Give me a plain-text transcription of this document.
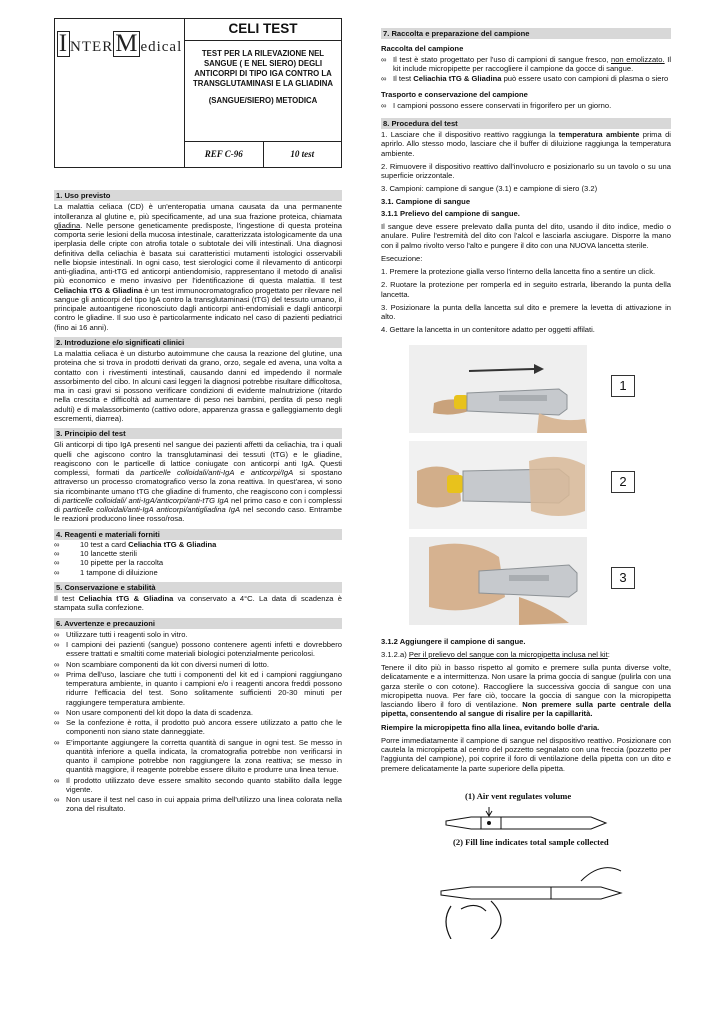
I NTERM edical
CELI TEST
TEST PER LA RILEVAZIONE NEL SANGUE ( E NEL SIERO) DEGLI ANTICORPI DI TIPO IGA CONTRO LA TRANSGLUTAMINASI E LA GLIADINA
(SANGUE/SIERO) METODICA
REF C-96	10 test
1. Uso previsto

La malattia celiaca (CD) è un'enteropatia umana causata da una permanente intolleranza al glutine e, più specificamente, ad una sua frazione proteica, chiamata gliadina. Nelle persone geneticamente predisposte, l'ingestione di questa proteina comporta serie lesioni della mucosa intestinale, caratterizzata istologicamente da una iperplasia delle cripte con atrofia totale o subtotale dei villi intestinali. Una diagnosi definitiva della celiachia è basata sui caratteristici mutamenti istologici osservabili nelle biopsie intestinali. In ogni caso, test sierologici come il rilevamento di anticorpi anti-gliadina, anti-tTG ed anticorpi antiendomisio, rappresentano il metodo di analisi più economico e meno invasivo per l'identificazione di questa malattia. Il test Celiachia tTG & Gliadina è un test immunocromatografico progettato per rilevare nel sangue gli anticorpi del tipo IgA contro la transglutaminasi (tTG) del tessuto umano, il principale autoantigene riconosciuto dagli anticorpi anti-endomisiali e dagli anticorpi contro le gliadine. Il suo uso è particolarmente indicato nel caso di pazienti pediatrici (fino ai 16 anni).

2. Introduzione e/o significati clinici

La malattia celiaca è un disturbo autoimmune che causa la reazione del glutine, una proteina che si trova in prodotti derivati da grano, orzo, segale ed avena, una volta a contatto con i rivestimenti intestinali, causando danni ed impedendo il normale assorbimento del cibo. In alcuni casi leggeri la diagnosi potrebbe risultare difficoltosa, ma in casi gravi si possono verificare condizioni di evidente malnutrizione (ritardo nella crescita e difficoltà ad aumentare di peso nei bambini, perdita di peso negli adulti) e di malassorbimento (cattivo odore, apparenza grassa e galleggiamento degli escrementi, diarrea).

3. Principio del test

Gli anticorpi di tipo IgA presenti nel sangue dei pazienti affetti da celiachia, tra i quali quelli che agiscono contro la transglutaminasi dei tessuti (tTG) e le gliadine, reagiscono con le particelle di lattice coniugate con anticorpi anti IgA. Questi complessi, formati da particelle colloidali/anti-IgA e anticorpi/IgA si spostano attraverso un processo cromatografico verso la zona reattiva. In quest'area, vi sono sia ricombinante umano tTG che gliadine di frumento, che reagiscono con i complessi di particelle colloidali/ anti-IgA/anticorpi/anti-tTG IgA nel primo caso e con i complessi di particelle colloidali/anti-IgA anticorpi/antigliadina IgA nel secondo caso. Entrambe le reazioni producono linee rosso/rosa.

4. Reagenti e materiali forniti
∞	10 test a card Celiachia tTG & Gliadina
∞	10 lancette sterili
∞	10 pipette per la raccolta
∞	1 tampone di diluizione
5. Conservazione e stabilità

Il test Celiachia tTG & Gliadina va conservato a 4°C. La data di scadenza è stampata sulla confezione.

6. Avvertenze e precauzioni
∞ Utilizzare tutti i reagenti solo in vitro.
∞ I campioni dei pazienti (sangue) possono contenere agenti infetti e dovrebbero essere trattati e smaltiti come materiali biologici potenzialmente pericolosi.
∞ Non scambiare componenti da kit con diversi numeri di lotto.
∞ Prima dell'uso, lasciare che tutti i componenti del kit ed i campioni raggiungano temperatura ambiente, in quanto i campioni e/o i reagenti ancora freddi possono ridurre l'efficacia del test. Sono solitamente sufficienti 20-30 minuti per raggiungere temperatura ambiente.
∞ Non usare componenti del kit dopo la data di scadenza.
∞ Se la confezione è rotta, il prodotto può ancora essere utilizzato a patto che le componenti non siano state danneggiate.
∞ E'importante aggiungere la corretta quantità di sangue in ogni test. Se messo in quantità inferiore a quella indicata, la cromatografia potrebbe non verificarsi in quanto il campione potrebbe non raggiungere la zona reattiva; se messo in quantità maggiore, il reagente potrebbe essere diluito e produrre una linea tenue.
∞ Il prodotto utilizzato deve essere smaltito secondo quanto stabilito dalla legge vigente.
∞ Non usare il test nel caso in cui appaia prima dell'utilizzo una linea colorata nella zona del risultato.
7. Raccolta e preparazione del campione
Raccolta del campione
∞ Il test è stato progettato per l'uso di campioni di sangue fresco, non emolizzato. Il kit include micropipette per raccogliere il campione da gocce di sangue.
∞ Il test Celiachia tTG & Gliadina può essere usato con campioni di plasma o siero
Trasporto e conservazione del campione
∞ I campioni possono essere conservati in frigorifero per un giorno.
8. Procedura del test

1. Lasciare che il dispositivo reattivo raggiunga la temperatura ambiente prima di aprirlo. Allo stesso modo, lasciare che il buffer di diluizione raggiunga la temperatura ambiente.

2. Rimuovere il dispositivo reattivo dall'involucro e posizionarlo su un tavolo o su una superficie orizzontale.

3. Campioni: campione di sangue (3.1) e campione di siero (3.2)

3.1. Campione di sangue
3.1.1 Prelievo del campione di sangue.

Il sangue deve essere prelevato dalla punta del dito, usando il dito indice, medio o anulare. Pulire l'estremità del dito con l'alcol e lasciarla asciugare. Disporre la mano con il palmo rivolto verso l'alto e pungere il dito con una NUOVA lancetta sterile.

Esecuzione:

1. Premere la protezione gialla verso l'interno della lancetta fino a sentire un click.

2. Ruotare la protezione per romperla ed in seguito estrarla, liberando la punta della lancetta.

3. Posizionare la punta della lancetta sul dito e premere la levetta di attivazione in alto.

4. Gettare la lancetta in un contenitore adatto per oggetti affilati.

1
2
3
3.1.2 Aggiungere il campione di sangue.

3.1.2.a) Per il prelievo del sangue con la micropipetta inclusa nel kit:

Tenere il dito più in basso rispetto al gomito e premere sulla punta diverse volte, delicatamente e a intermittenza. Non usare la prima goccia di sangue (pulirla con una garza sterile o con cotone). Raccogliere la successiva goccia di sangue con una micropipetta nuova. Per fare ciò, toccare la goccia di sangue con la micropipetta lasciando libero il foro di ventilazione. Non premere sulla parte centrale della pipetta, consentendo al sangue di risalire per la capillarità.

Riempire la micropipetta fino alla linea, evitando bolle d'aria.

Porre immediatamente il campione di sangue nel dispositivo reattivo. Posizionare con cautela la micropipetta al centro del pozzetto segnalato con una freccia (pozzetto per l'aggiunta del campione), poi coprire il foro di ventilazione della pipetta con un dito e premere delicatamente la parte superiore della pipetta.

(1) Air vent regulates volume
(2) Fill line indicates total sample collected
